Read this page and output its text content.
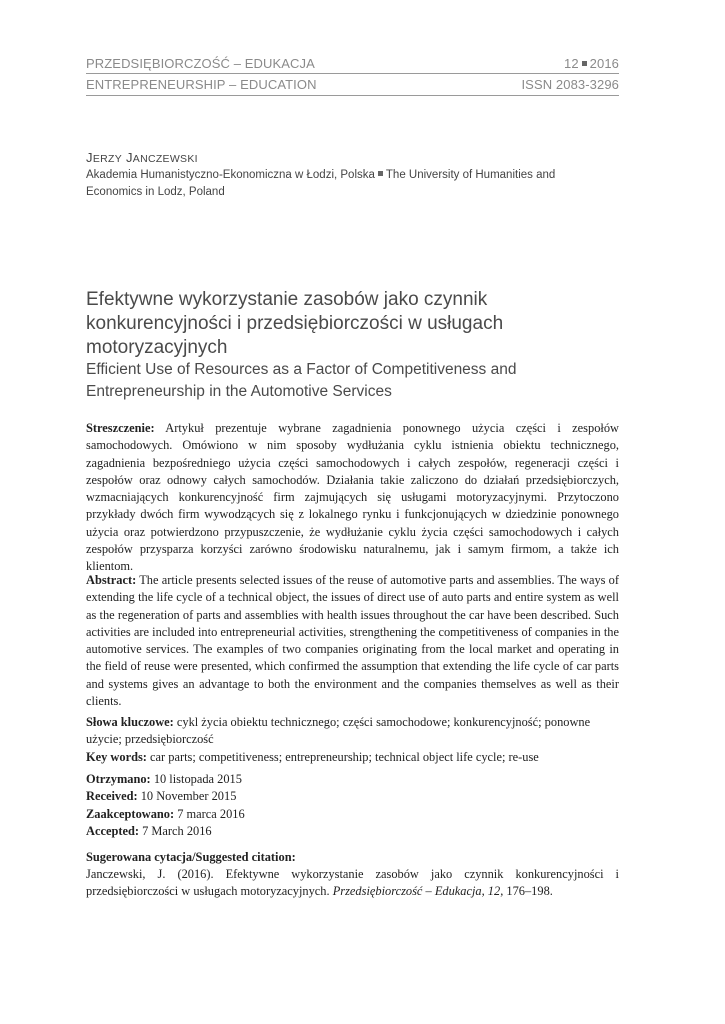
PRZEDSIĘBIORCZOŚĆ – EDUKACJA	12 2016
ENTREPRENEURSHIP – EDUCATION	ISSN 2083-3296
JERZY JANCZEWSKI
Akademia Humanistyczno-Ekonomiczna w Łodzi, Polska The University of Humanities and Economics in Lodz, Poland
Efektywne wykorzystanie zasobów jako czynnik konkurencyjności i przedsiębiorczości w usługach motoryzacyjnych
Efficient Use of Resources as a Factor of Competitiveness and Entrepreneurship in the Automotive Services
Streszczenie: Artykuł prezentuje wybrane zagadnienia ponownego użycia części i zespołów samochodowych. Omówiono w nim sposoby wydłużania cyklu istnienia obiektu technicznego, zagadnienia bezpośredniego użycia części samochodowych i całych zespołów, regeneracji części i zespołów oraz odnowy całych samochodów. Działania takie zaliczono do działań przedsiębiorczych, wzmacniających konkurencyjność firm zajmujących się usługami motoryzacyjnymi. Przytoczono przykłady dwóch firm wywodzących się z lokalnego rynku i funkcjonujących w dziedzinie ponownego użycia oraz potwierdzono przypuszczenie, że wydłużanie cyklu życia części samochodowych i całych zespołów przysparza korzyści zarówno środowisku naturalnemu, jak i samym firmom, a także ich klientom.
Abstract: The article presents selected issues of the reuse of automotive parts and assemblies. The ways of extending the life cycle of a technical object, the issues of direct use of auto parts and entire system as well as the regeneration of parts and assemblies with health issues throughout the car have been described. Such activities are included into entrepreneurial activities, strengthening the competitiveness of companies in the automotive services. The examples of two companies originating from the local market and operating in the field of reuse were presented, which confirmed the assumption that extending the life cycle of car parts and systems gives an advantage to both the environment and the companies themselves as well as their clients.
Słowa kluczowe: cykl życia obiektu technicznego; części samochodowe; konkurencyjność; ponowne użycie; przedsiębiorczość
Key words: car parts; competitiveness; entrepreneurship; technical object life cycle; re-use
Otrzymano: 10 listopada 2015
Received: 10 November 2015
Zaakceptowano: 7 marca 2016
Accepted: 7 March 2016
Sugerowana cytacja/Suggested citation:
Janczewski, J. (2016). Efektywne wykorzystanie zasobów jako czynnik konkurencyjności i przedsiębiorczości w usługach motoryzacyjnych. Przedsiębiorczość – Edukacja, 12, 176–198.
